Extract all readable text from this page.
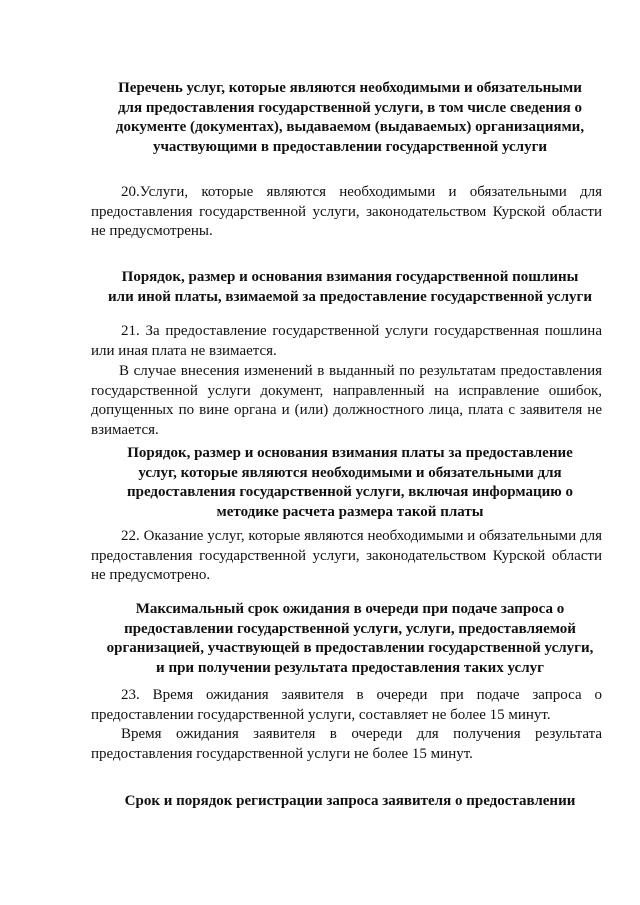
Перечень услуг, которые являются необходимыми и обязательными
для предоставления государственной услуги, в том числе сведения о
документе (документах), выдаваемом (выдаваемых) организациями,
участвующими в предоставлении государственной услуги
20.Услуги, которые являются необходимыми и обязательными для предоставления государственной услуги, законодательством Курской области не предусмотрены.
Порядок, размер и основания взимания государственной пошлины
или иной платы, взимаемой за предоставление государственной услуги
21. За предоставление государственной услуги государственная пошлина или иная плата не взимается.
В случае внесения изменений в выданный по результатам предоставления государственной услуги документ, направленный на исправление ошибок, допущенных по вине органа и (или) должностного лица, плата с заявителя не взимается.
Порядок, размер и основания взимания платы за предоставление
услуг, которые являются необходимыми и обязательными для
предоставления государственной услуги, включая информацию о
методике расчета размера такой платы
22. Оказание услуг, которые являются необходимыми и обязательными для предоставления государственной услуги, законодательством Курской области не предусмотрено.
Максимальный срок ожидания в очереди при подаче запроса о
предоставлении государственной услуги, услуги, предоставляемой
организацией, участвующей в предоставлении государственной услуги,
и при получении результата предоставления таких услуг
23. Время ожидания заявителя в очереди при подаче запроса о предоставлении государственной услуги, составляет не более 15 минут.
Время ожидания заявителя в очереди для получения результата предоставления государственной услуги не более 15 минут.
Срок и порядок регистрации запроса заявителя о предоставлении
